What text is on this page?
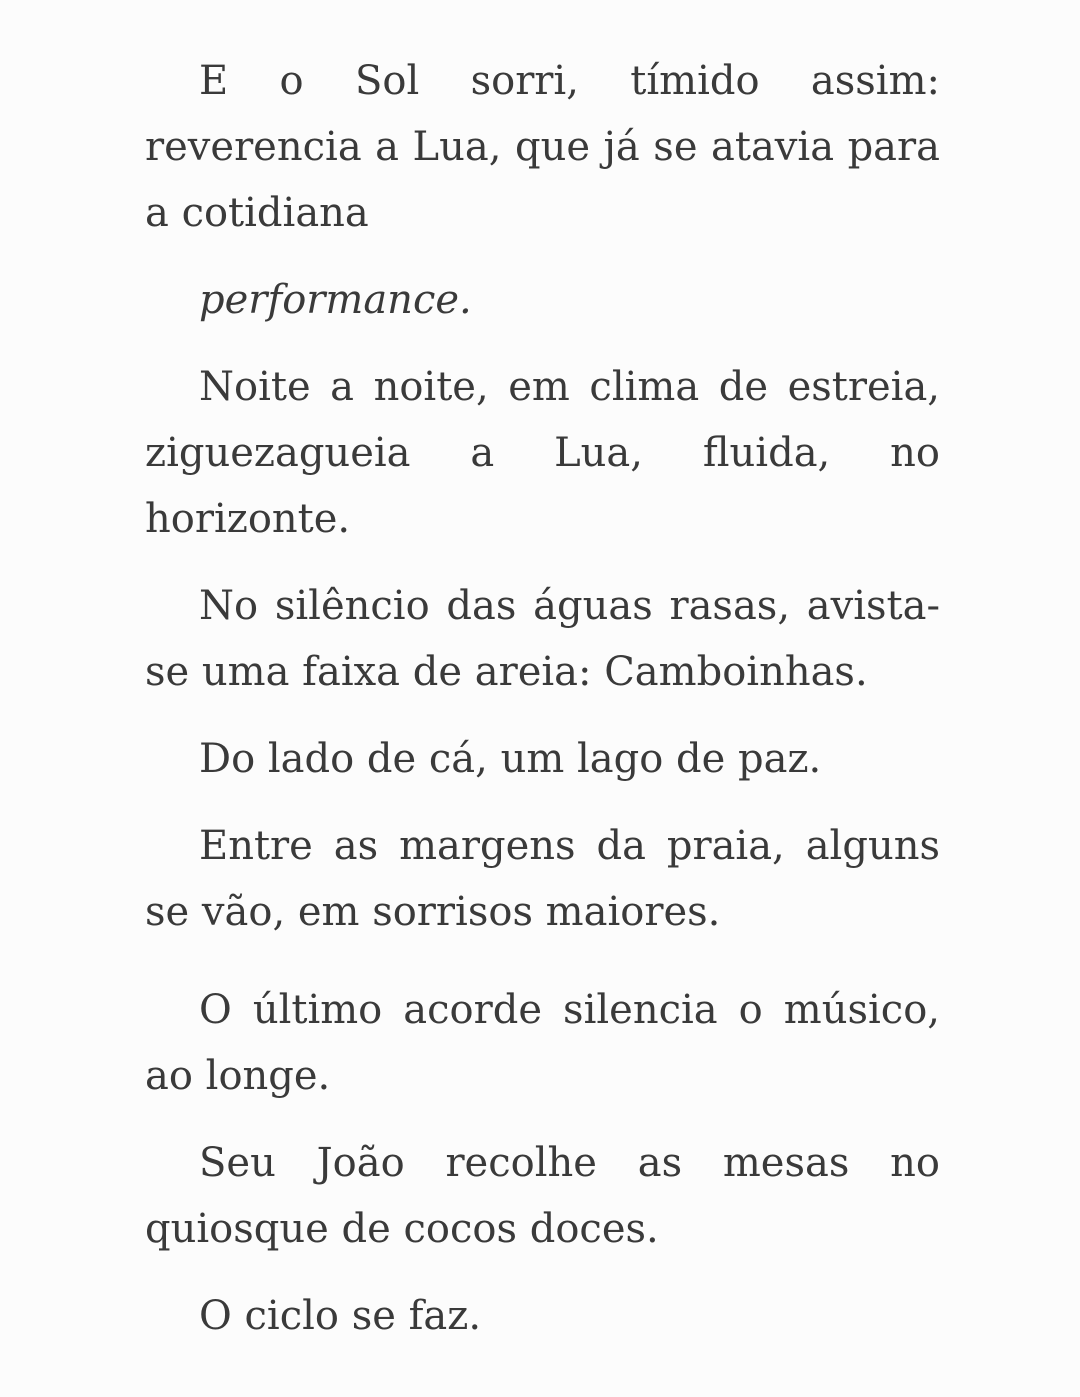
E o Sol sorri, tímido assim: reverencia a Lua, que já se atavia para a cotidiana

performance.

Noite a noite, em clima de estreia, ziguezagueia a Lua, fluida, no horizonte.

No silêncio das águas rasas, avista-se uma faixa de areia: Camboinhas.

Do lado de cá, um lago de paz.

Entre as margens da praia, alguns se vão, em sorrisos maiores.

O último acorde silencia o músico, ao longe.

Seu João recolhe as mesas no quiosque de cocos doces.

O ciclo se faz.
